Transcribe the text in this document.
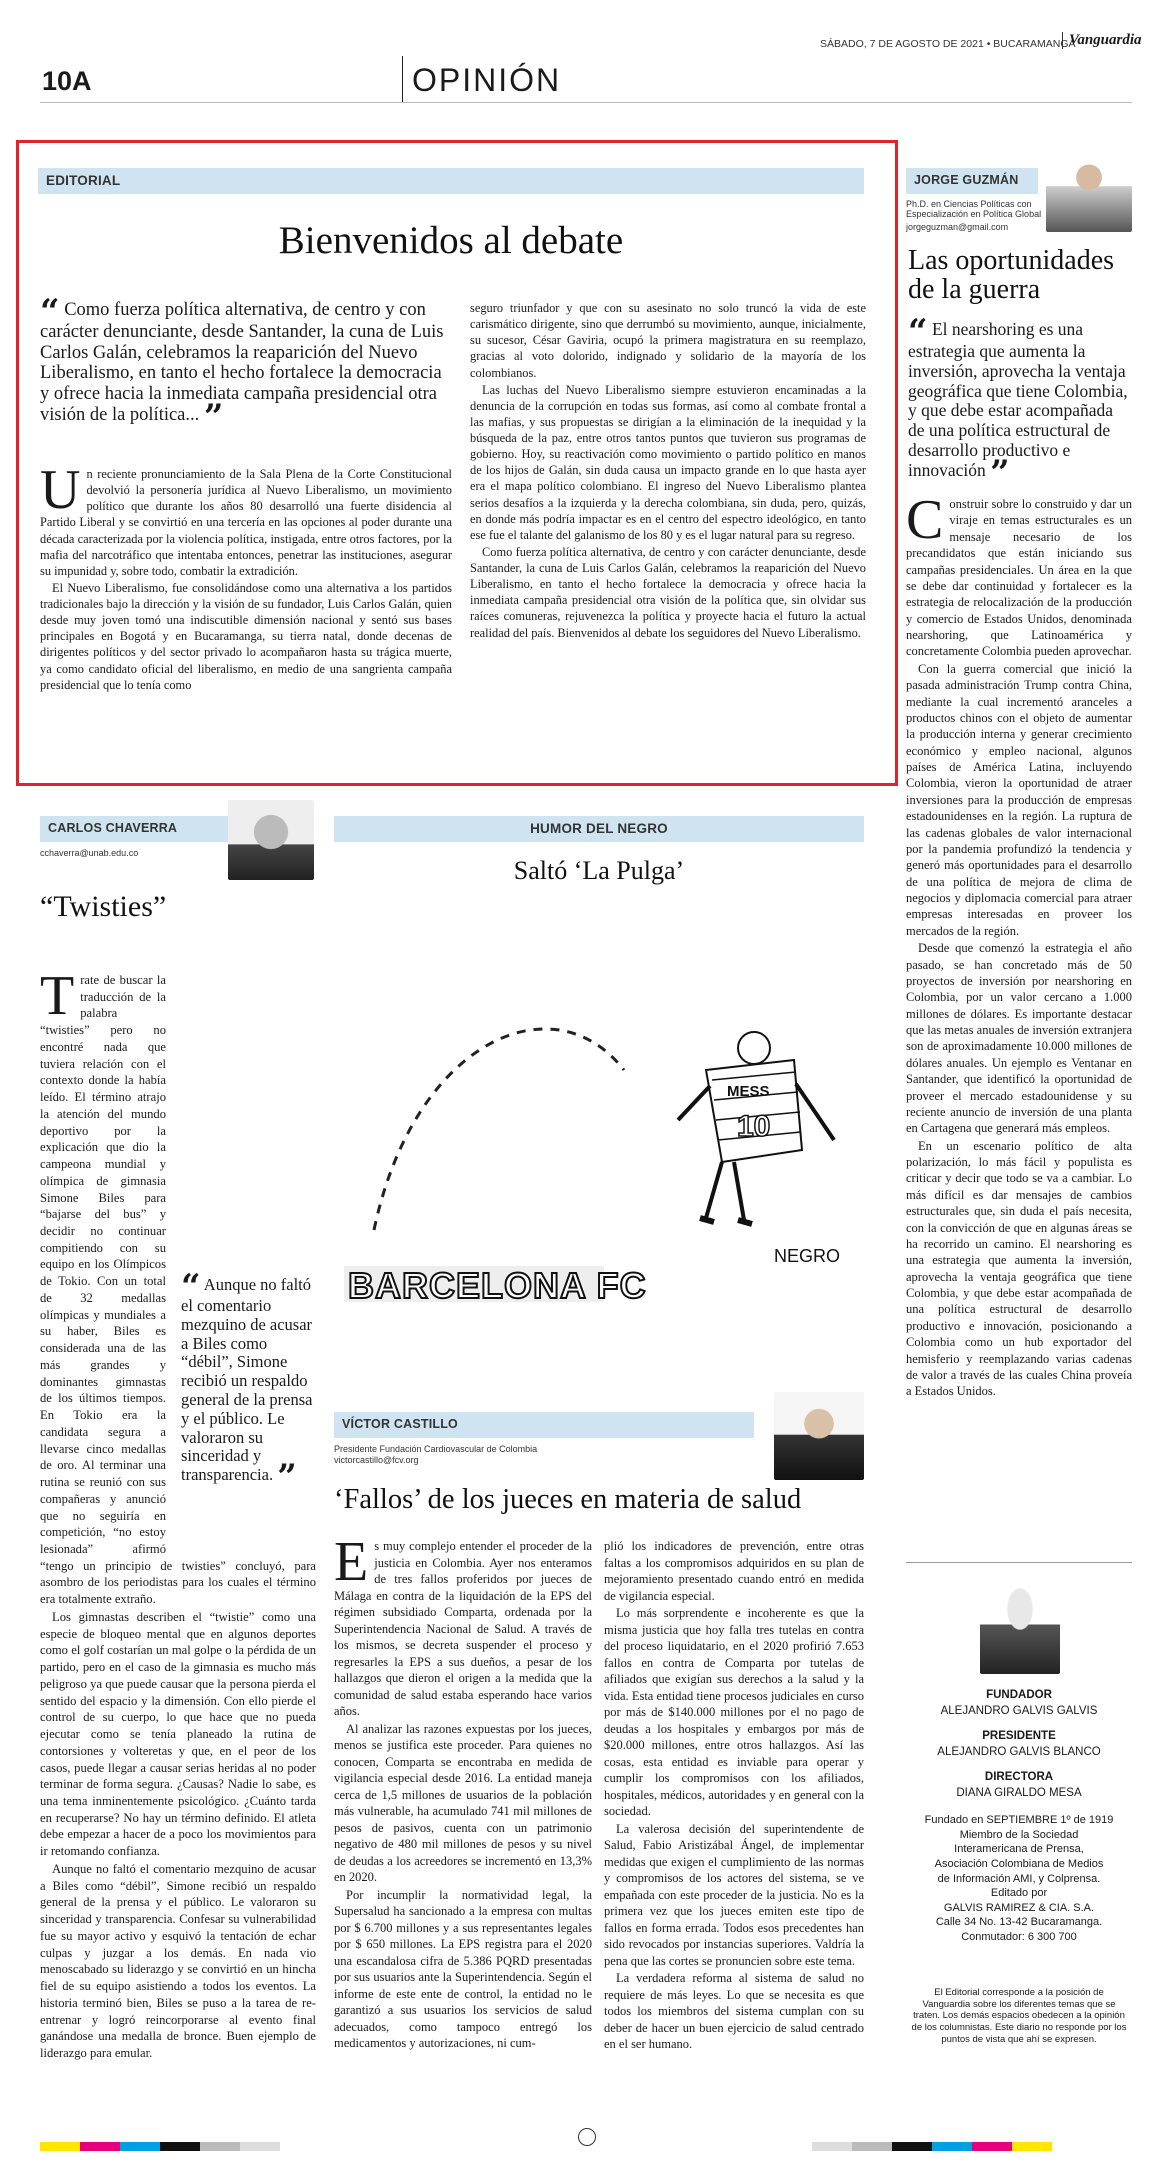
SÁBADO, 7 DE AGOSTO DE 2021 • BUCARAMANGA
Vanguardia
10A	OPINIÓN
EDITORIAL
Bienvenidos al debate
“ Como fuerza política alternativa, de centro y con carácter denunciante, desde Santander, la cuna de Luis Carlos Galán, celebramos la reaparición del Nuevo Liberalismo, en tanto el hecho fortalece la democracia y ofrece hacia la inmediata campaña presidencial otra visión de la política... ”
U n reciente pronunciamiento de la Sala Plena de la Corte Constitucional devolvió la personería jurídica al Nuevo Liberalismo, un movimiento político que durante los años 80 desarrolló una fuerte disidencia al Partido Liberal y se convirtió en una tercería en las opciones al poder durante una década caracterizada por la violencia política, instigada, entre otros factores, por la mafia del narcotráfico que intentaba entonces, penetrar las instituciones, asegurar su impunidad y, sobre todo, combatir la extradición.

El Nuevo Liberalismo, fue consolidándose como una alternativa a los partidos tradicionales bajo la dirección y la visión de su fundador, Luis Carlos Galán, quien desde muy joven tomó una indiscutible dimensión nacional y sentó sus bases principales en Bogotá y en Bucaramanga, su tierra natal, donde decenas de dirigentes políticos y del sector privado lo acompañaron hasta su trágica muerte, ya como candidato oficial del liberalismo, en medio de una sangrienta campaña presidencial que lo tenía como

seguro triunfador y que con su asesinato no solo truncó la vida de este carismático dirigente, sino que derrumbó su movimiento, aunque, inicialmente, su sucesor, César Gaviria, ocupó la primera magistratura en su reemplazo, gracias al voto dolorido, indignado y solidario de la mayoría de los colombianos.

Las luchas del Nuevo Liberalismo siempre estuvieron encaminadas a la denuncia de la corrupción en todas sus formas, así como al combate frontal a las mafias, y sus propuestas se dirigían a la eliminación de la inequidad y la búsqueda de la paz, entre otros tantos puntos que tuvieron sus programas de gobierno. Hoy, su reactivación como movimiento o partido político en manos de los hijos de Galán, sin duda causa un impacto grande en lo que hasta ayer era el mapa político colombiano. El ingreso del Nuevo Liberalismo plantea serios desafíos a la izquierda y la derecha colombiana, sin duda, pero, quizás, en donde más podría impactar es en el centro del espectro ideológico, en tanto ese fue el talante del galanismo de los 80 y es el lugar natural para su regreso.

Como fuerza política alternativa, de centro y con carácter denunciante, desde Santander, la cuna de Luis Carlos Galán, celebramos la reaparición del Nuevo Liberalismo, en tanto el hecho fortalece la democracia y ofrece hacia la inmediata campaña presidencial otra visión de la política que, sin olvidar sus raíces comuneras, rejuvenezca la política y proyecte hacia el futuro la actual realidad del país. Bienvenidos al debate los seguidores del Nuevo Liberalismo.

JORGE GUZMÁN
Ph.D. en Ciencias Políticas con Especialización en Política Global
jorgeguzman@gmail.com
Las oportunidades de la guerra
“ El nearshoring es una estrategia que aumenta la inversión, aprovecha la ventaja geográfica que tiene Colombia, y que debe estar acompañada de una política estructural de desarrollo productivo e innovación ”
C onstruir sobre lo construido y dar un viraje en temas estructurales es un mensaje necesario de los precandidatos que están iniciando sus campañas presidenciales. Un área en la que se debe dar continuidad y fortalecer es la estrategia de relocalización de la producción y comercio de Estados Unidos, denominada nearshoring, que Latinoamérica y concretamente Colombia pueden aprovechar.

Con la guerra comercial que inició la pasada administración Trump contra China, mediante la cual incrementó aranceles a productos chinos con el objeto de aumentar la producción interna y generar crecimiento económico y empleo nacional, algunos países de América Latina, incluyendo Colombia, vieron la oportunidad de atraer inversiones para la producción de empresas estadounidenses en la región. La ruptura de las cadenas globales de valor internacional por la pandemia profundizó la tendencia y generó más oportunidades para el desarrollo de una política de mejora de clima de negocios y diplomacia comercial para atraer empresas interesadas en proveer los mercados de la región.

Desde que comenzó la estrategia el año pasado, se han concretado más de 50 proyectos de inversión por nearshoring en Colombia, por un valor cercano a 1.000 millones de dólares. Es importante destacar que las metas anuales de inversión extranjera son de aproximadamente 10.000 millones de dólares anuales. Un ejemplo es Ventanar en Santander, que identificó la oportunidad de proveer el mercado estadounidense y su reciente anuncio de inversión de una planta en Cartagena que generará más empleos.

En un escenario político de alta polarización, lo más fácil y populista es criticar y decir que todo se va a cambiar. Lo más difícil es dar mensajes de cambios estructurales que, sin duda el país necesita, con la convicción de que en algunas áreas se ha recorrido un camino. El nearshoring es una estrategia que aumenta la inversión, aprovecha la ventaja geográfica que tiene Colombia, y que debe estar acompañada de una política estructural de desarrollo productivo e innovación, posicionando a Colombia como un hub exportador del hemisferio y reemplazando varias cadenas de valor a través de las cuales China proveía a Estados Unidos.

CARLOS CHAVERRA
cchaverra@unab.edu.co
“Twisties”
“ Aunque no faltó el comentario mezquino de acusar a Biles como “débil”, Simone recibió un respaldo general de la prensa y el público. Le valoraron su sinceridad y transparencia. ”
T rate de buscar la traducción de la palabra “twisties” pero no encontré nada que tuviera relación con el contexto donde la había leído. El término atrajo la atención del mundo deportivo por la explicación que dio la campeona mundial y olímpica de gimnasia Simone Biles para “bajarse del bus” y decidir no continuar compitiendo con su equipo en los Olímpicos de Tokio. Con un total de 32 medallas olímpicas y mundiales a su haber, Biles es considerada una de las más grandes y dominantes gimnastas de los últimos tiempos. En Tokio era la candidata segura a llevarse cinco medallas de oro. Al terminar una rutina se reunió con sus compañeras y anunció que no seguiría en competición, “no estoy lesionada” afirmó “tengo un principio de twisties” concluyó, para asombro de los periodistas para los cuales el término era totalmente extraño.

Los gimnastas describen el “twistie” como una especie de bloqueo mental que en algunos deportes como el golf costarían un mal golpe o la pérdida de un partido, pero en el caso de la gimnasia es mucho más peligroso ya que puede causar que la persona pierda el sentido del espacio y la dimensión. Con ello pierde el control de su cuerpo, lo que hace que no pueda ejecutar como se tenía planeado la rutina de contorsiones y volteretas y que, en el peor de los casos, puede llegar a causar serias heridas al no poder terminar de forma segura. ¿Causas? Nadie lo sabe, es una tema inminentemente psicológico. ¿Cuánto tarda en recuperarse? No hay un término definido. El atleta debe empezar a hacer de a poco los movimientos para ir retomando confianza.

Aunque no faltó el comentario mezquino de acusar a Biles como “débil”, Simone recibió un respaldo general de la prensa y el público. Le valoraron su sinceridad y transparencia. Confesar su vulnerabilidad fue su mayor activo y esquivó la tentación de echar culpas y juzgar a los demás. En nada vio menoscabado su liderazgo y se convirtió en un hincha fiel de su equipo asistiendo a todos los eventos. La historia terminó bien, Biles se puso a la tarea de re-entrenar y logró reincorporarse al evento final ganándose una medalla de bronce. Buen ejemplo de liderazgo para emular.

HUMOR DEL NEGRO
Saltó ‘La Pulga’
MESS
10
NEGRO
BARCELONA FC
VÍCTOR CASTILLO
Presidente Fundación Cardiovascular de Colombia
victorcastillo@fcv.org
‘Fallos’ de los jueces en materia de salud
E s muy complejo entender el proceder de la justicia en Colombia. Ayer nos enteramos de tres fallos proferidos por jueces de Málaga en contra de la liquidación de la EPS del régimen subsidiado Comparta, ordenada por la Superintendencia Nacional de Salud. A través de los mismos, se decreta suspender el proceso y regresarles la EPS a sus dueños, a pesar de los hallazgos que dieron el origen a la medida que la comunidad de salud estaba esperando hace varios años.

Al analizar las razones expuestas por los jueces, menos se justifica este proceder. Para quienes no conocen, Comparta se encontraba en medida de vigilancia especial desde 2016. La entidad maneja cerca de 1,5 millones de usuarios de la población más vulnerable, ha acumulado 741 mil millones de pesos de pasivos, cuenta con un patrimonio negativo de 480 mil millones de pesos y su nivel de deudas a los acreedores se incrementó en 13,3% en 2020.

Por incumplir la normatividad legal, la Supersalud ha sancionado a la empresa con multas por $ 6.700 millones y a sus representantes legales por $ 650 millones. La EPS registra para el 2020 una escandalosa cifra de 5.386 PQRD presentadas por sus usuarios ante la Superintendencia. Según el informe de este ente de control, la entidad no le garantizó a sus usuarios los servicios de salud adecuados, como tampoco entregó los medicamentos y autorizaciones, ni cum-

plió los indicadores de prevención, entre otras faltas a los compromisos adquiridos en su plan de mejoramiento presentado cuando entró en medida de vigilancia especial.

Lo más sorprendente e incoherente es que la misma justicia que hoy falla tres tutelas en contra del proceso liquidatario, en el 2020 profirió 7.653 fallos en contra de Comparta por tutelas de afiliados que exigían sus derechos a la salud y la vida. Esta entidad tiene procesos judiciales en curso por más de $140.000 millones por el no pago de deudas a los hospitales y embargos por más de $20.000 millones, entre otros hallazgos. Así las cosas, esta entidad es inviable para operar y cumplir los compromisos con los afiliados, hospitales, médicos, autoridades y en general con la sociedad.

La valerosa decisión del superintendente de Salud, Fabio Aristizábal Ángel, de implementar medidas que exigen el cumplimiento de las normas y compromisos de los actores del sistema, se ve empañada con este proceder de la justicia. No es la primera vez que los jueces emiten este tipo de fallos en forma errada. Todos esos precedentes han sido revocados por instancias superiores. Valdría la pena que las cortes se pronuncien sobre este tema.

La verdadera reforma al sistema de salud no requiere de más leyes. Lo que se necesita es que todos los miembros del sistema cumplan con su deber de hacer un buen ejercicio de salud centrado en el ser humano.

FUNDADOR
ALEJANDRO GALVIS GALVIS
PRESIDENTE
ALEJANDRO GALVIS BLANCO
DIRECTORA
DIANA GIRALDO MESA
Fundado en SEPTIEMBRE 1º de 1919
Miembro de la Sociedad
Interamericana de Prensa,
Asociación Colombiana de Medios
de Información AMI, y Colprensa.
Editado por
GALVIS RAMIREZ & CIA. S.A.
Calle 34 No. 13-42 Bucaramanga.
Conmutador: 6 300 700
El Editorial corresponde a la posición de Vanguardia sobre los diferentes temas que se traten. Los demás espacios obedecen a la opinión de los columnistas. Este diario no responde por los puntos de vista que ahí se expresen.
